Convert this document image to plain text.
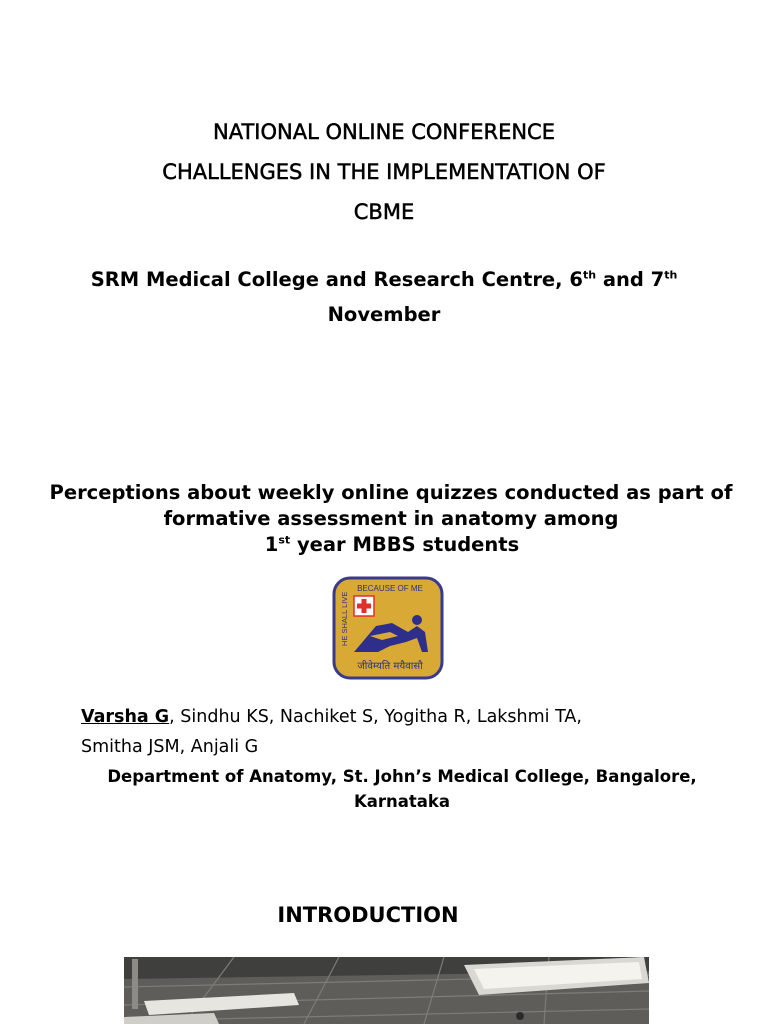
NATIONAL ONLINE CONFERENCE
CHALLENGES IN THE IMPLEMENTATION OF
CBME
SRM Medical College and Research Centre, 6th and 7th
November
Perceptions about weekly online quizzes conducted as part of
formative assessment in anatomy among
1st year MBBS students
BECAUSE OF ME
HE SHALL LIVE
जीवेम्यति मयैवासौ
Varsha G, Sindhu KS, Nachiket S, Yogitha R, Lakshmi TA,
Smitha JSM, Anjali G
Department of Anatomy, St. John’s Medical College, Bangalore,
Karnataka
INTRODUCTION
